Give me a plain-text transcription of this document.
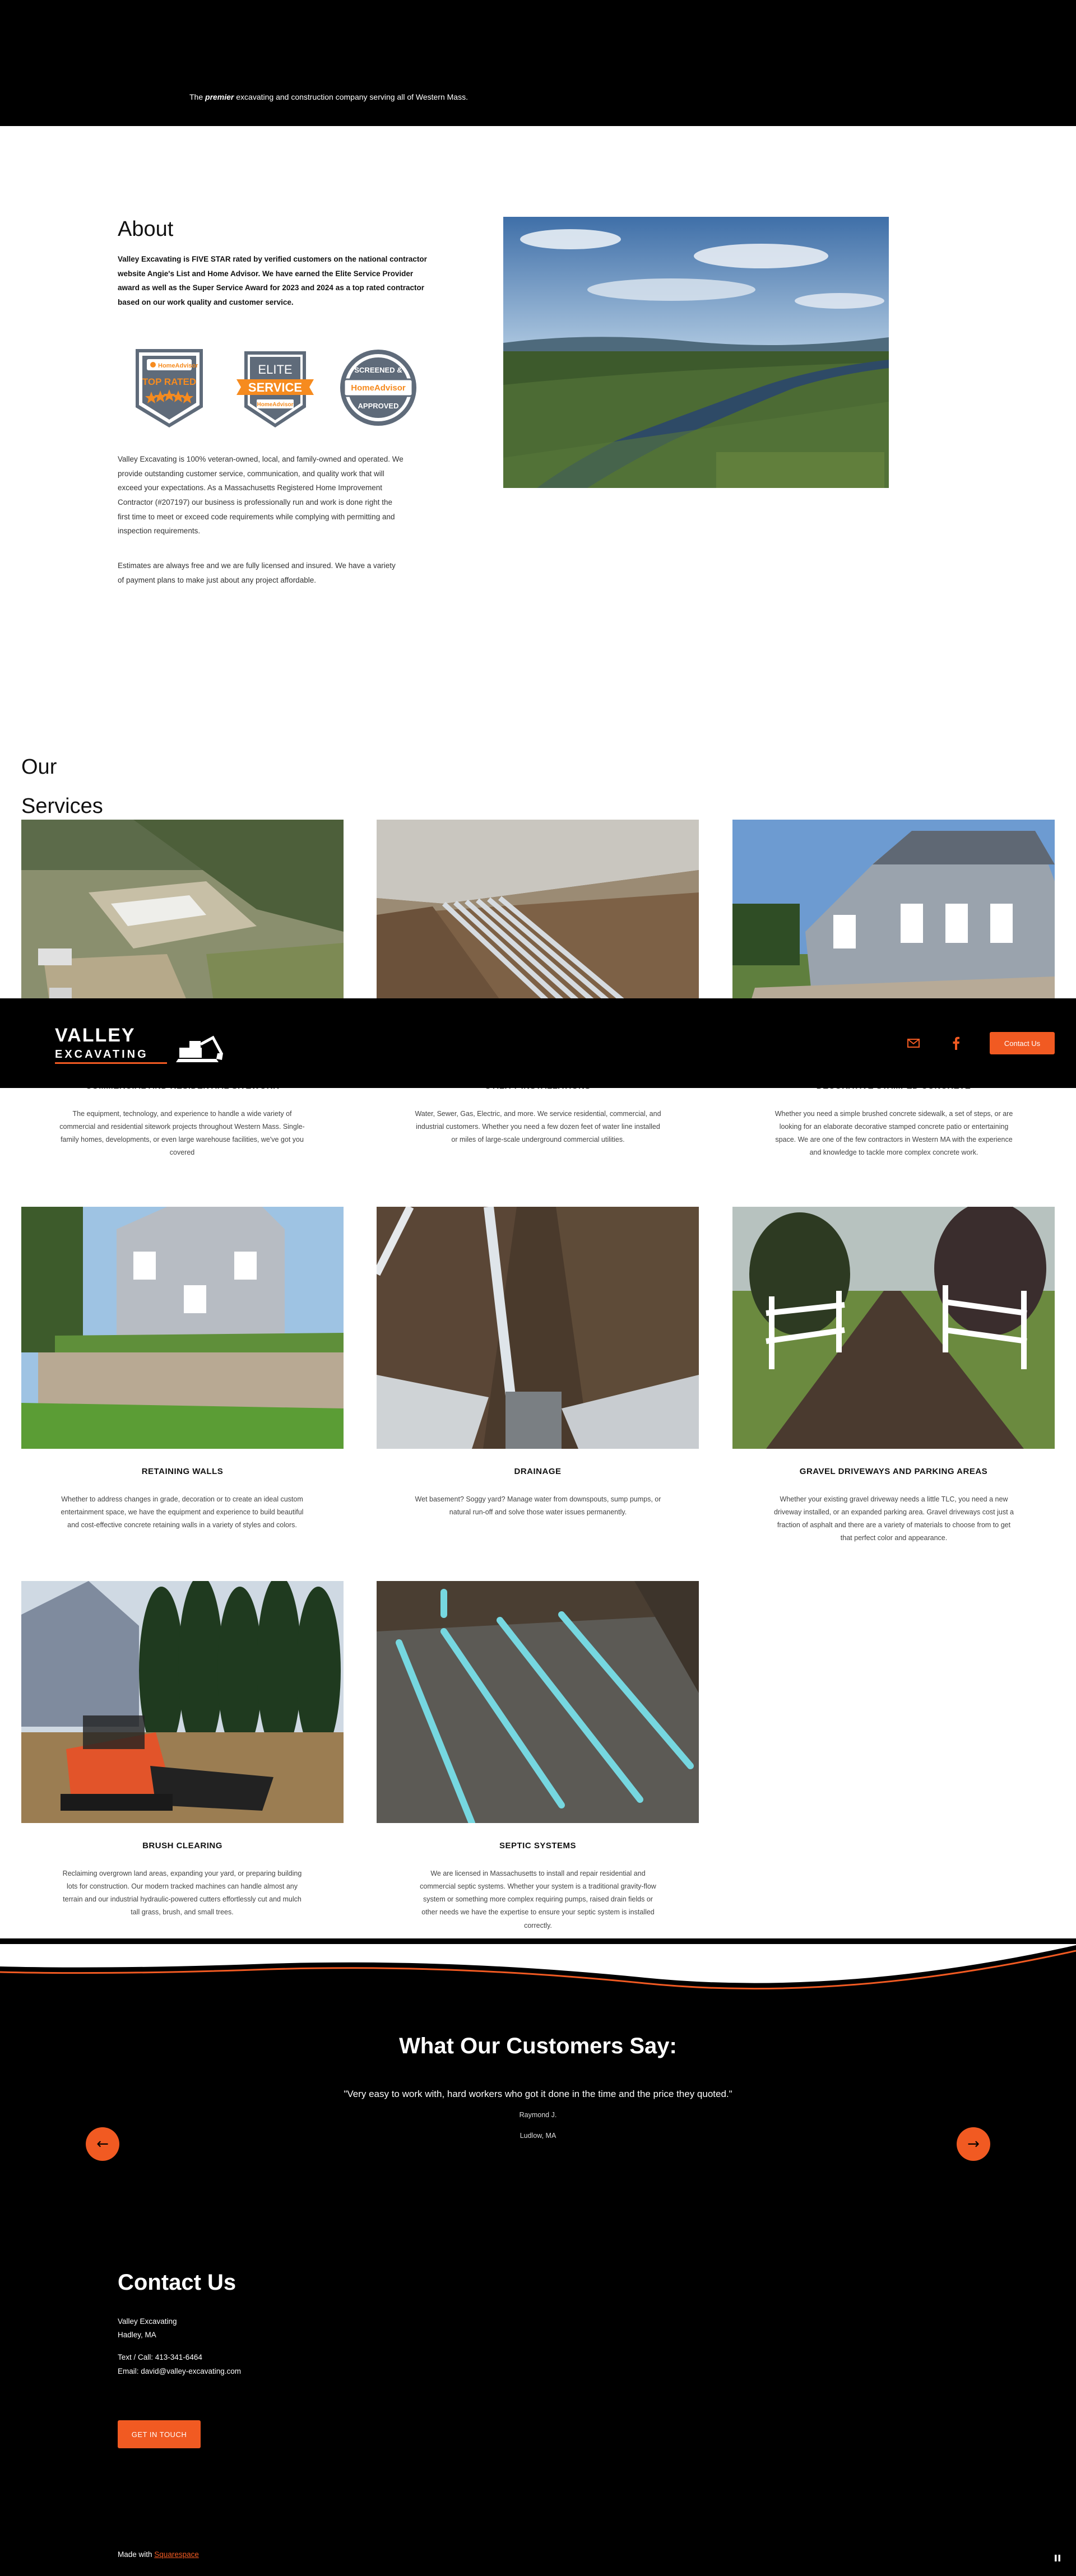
The premier excavating and construction company serving all of Western Mass.
About

Valley Excavating is FIVE STAR rated by verified customers on the national contractor website Angie's List and Home Advisor. We have earned the Elite Service Provider award as well as the Super Service Award for 2023 and 2024 as a top rated contractor based on our work quality and customer service.

HomeAdvisor
TOP RATED
ELITE
SERVICE
HomeAdvisor
HomeAdvisor
SCREENED &
APPROVED

Valley Excavating is 100% veteran-owned, local, and family-owned and operated. We provide outstanding customer service, communication, and quality work that will exceed your expectations. As a Massachusetts Registered Home Improvement Contractor (#207197) our business is professionally run and work is done right the first time to meet or exceed code requirements while complying with permitting and inspection requirements.

Estimates are always free and we are fully licensed and insured. We have a variety of payment plans to make just about any project affordable.

Our
Services
The equipment, technology, and experience to handle a wide variety of commercial and residential sitework projects throughout Western Mass. Single-family homes, developments, or even large warehouse facilities, we've got you covered
Water, Sewer, Gas, Electric, and more. We service residential, commercial, and industrial customers. Whether you need a few dozen feet of water line installed or miles of large-scale underground commercial utilities.
Whether you need a simple brushed concrete sidewalk, a set of steps, or are looking for an elaborate decorative stamped concrete patio or entertaining space. We are one of the few contractors in Western MA with the experience and knowledge to tackle more complex concrete work.
RETAINING WALLS
Whether to address changes in grade, decoration or to create an ideal custom entertainment space, we have the equipment and experience to build beautiful and cost-effective concrete retaining walls in a variety of styles and colors.
DRAINAGE
Wet basement? Soggy yard? Manage water from downspouts, sump pumps, or natural run-off and solve those water issues permanently.
GRAVEL DRIVEWAYS AND PARKING AREAS
Whether your existing gravel driveway needs a little TLC, you need a new driveway installed, or an expanded parking area. Gravel driveways cost just a fraction of asphalt and there are a variety of materials to choose from to get that perfect color and appearance.
BRUSH CLEARING
Reclaiming overgrown land areas, expanding your yard, or preparing building lots for construction. Our modern tracked machines can handle almost any terrain and our industrial hydraulic-powered cutters effortlessly cut and mulch tall grass, brush, and small trees.
SEPTIC SYSTEMS
We are licensed in Massachusetts to install and repair residential and commercial septic systems. Whether your system is a traditional gravity-flow system or something more complex requiring pumps, raised drain fields or other needs we have the expertise to ensure your septic system is installed correctly.
VALLEY
EXCAVATING
Contact Us
What Our Customers Say:

"Very easy to work with, hard workers who got it done in the time and the price they quoted."

Raymond J.

Ludlow, MA

←	→
Contact Us
Valley Excavating
Hadley, MA
Text / Call: 413-341-6464
Email: david@valley-excavating.com
GET IN TOUCH
Made with Squarespace
